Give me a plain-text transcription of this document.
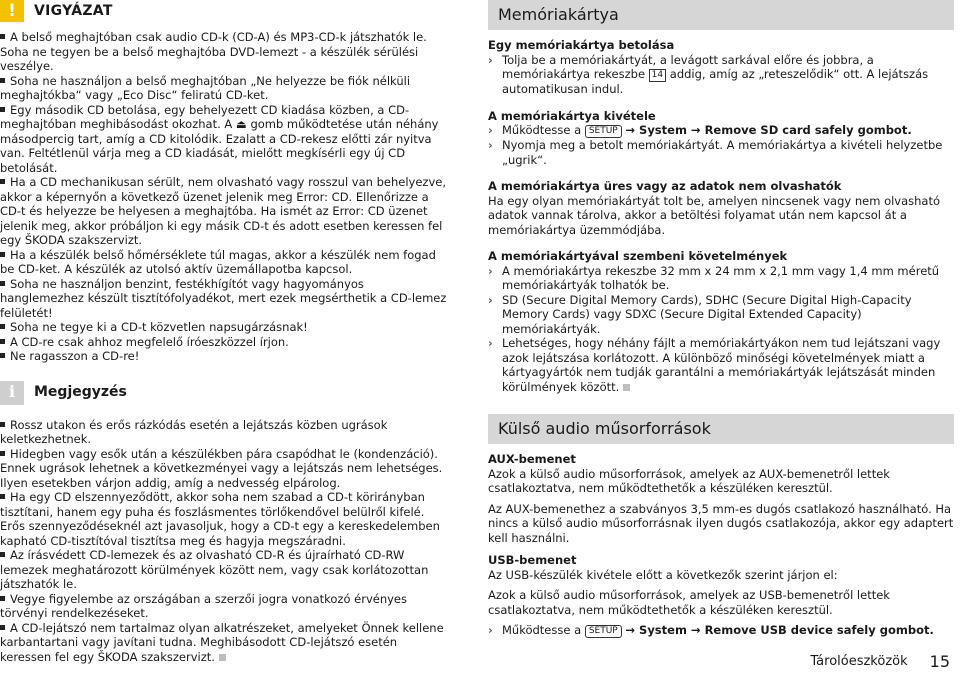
!	VIGYÁZAT

A belső meghajtóban csak audio CD-k (CD-A) és MP3-CD-k játszhatók le. Soha ne tegyen be a belső meghajtóba DVD-lemezt - a készülék sérülési veszélye.

Soha ne használjon a belső meghajtóban „Ne helyezze be fiók nélküli meghajtókba“ vagy „Eco Disc“ feliratú CD-ket.

Egy második CD betolása, egy behelyezett CD kiadása közben, a CD-meghajtóban meghibásodást okozhat. A ⏏ gomb működtetése után néhány másodpercig tart, amíg a CD kitolódik. Ezalatt a CD-rekesz előtti zár nyitva van. Feltétlenül várja meg a CD kiadását, mielőtt megkísérli egy új CD betolását.

Ha a CD mechanikusan sérült, nem olvasható vagy rosszul van behelyezve, akkor a képernyőn a következő üzenet jelenik meg Error: CD. Ellenőrizze a CD-t és helyezze be helyesen a meghajtóba. Ha ismét az Error: CD üzenet jelenik meg, akkor próbáljon ki egy másik CD-t és adott esetben keressen fel egy ŠKODA szakszervizt.

Ha a készülék belső hőmérséklete túl magas, akkor a készülék nem fogad be CD-ket. A készülék az utolsó aktív üzemállapotba kapcsol.

Soha ne használjon benzint, festékhígítót vagy hagyományos hanglemezhez készült tisztítófolyadékot, mert ezek megsérthetik a CD-lemez felületét!

Soha ne tegye ki a CD-t közvetlen napsugárzásnak!

A CD-re csak ahhoz megfelelő íróeszközzel írjon.

Ne ragasszon a CD-re!

i	Megjegyzés

Rossz utakon és erős rázkódás esetén a lejátszás közben ugrások keletkezhetnek.

Hidegben vagy esők után a készülékben pára csapódhat le (kondenzáció). Ennek ugrások lehetnek a következményei vagy a lejátszás nem lehetséges. Ilyen esetekben várjon addig, amíg a nedvesség elpárolog.

Ha egy CD elszennyeződött, akkor soha nem szabad a CD-t körirányban tisztítani, hanem egy puha és foszlásmentes törlőkendővel belülről kifelé. Erős szennyeződéseknél azt javasoljuk, hogy a CD-t egy a kereskedelemben kapható CD-tisztítóval tisztítsa meg és hagyja megszáradni.

Az írásvédett CD-lemezek és az olvasható CD-R és újraírható CD-RW lemezek meghatározott körülmények között nem, vagy csak korlátozottan játszhatók le.

Vegye figyelembe az országában a szerzői jogra vonatkozó érvényes törvényi rendelkezéseket.

A CD-lejátszó nem tartalmaz olyan alkatrészeket, amelyeket Önnek kellene karbantartani vagy javítani tudna. Meghibásodott CD-lejátszó esetén keressen fel egy ŠKODA szakszervizt.

Memóriakártya
Egy memóriakártya betolása
› Tolja be a memóriakártyát, a levágott sarkával előre és jobbra, a memóriakártya rekeszbe 14 addig, amíg az „reteszelődik“ ott. A lejátszás automatikusan indul.
A memóriakártya kivétele
› Működtesse a SETUP → System → Remove SD card safely gombot.
› Nyomja meg a betolt memóriakártyát. A memóriakártya a kivételi helyzetbe „ugrik“.
A memóriakártya üres vagy az adatok nem olvashatók
Ha egy olyan memóriakártyát tolt be, amelyen nincsenek vagy nem olvasható adatok vannak tárolva, akkor a betöltési folyamat után nem kapcsol át a memóriakártya üzemmódjába.
A memóriakártyával szembeni követelmények
› A memóriakártya rekeszbe 32 mm x 24 mm x 2,1 mm vagy 1,4 mm méretű memóriakártyák tolhatók be.
› SD (Secure Digital Memory Cards), SDHC (Secure Digital High-Capacity Memory Cards) vagy SDXC (Secure Digital Extended Capacity) memóriakártyák.
› Lehetséges, hogy néhány fájlt a memóriakártyákon nem tud lejátszani vagy azok lejátszása korlátozott. A különböző minőségi követelmények miatt a kártyagyártók nem tudják garantálni a memóriakártyák lejátszását minden körülmények között.
Külső audio műsorforrások
AUX-bemenet
Azok a külső audio műsorforrások, amelyek az AUX-bemenetről lettek csatlakoztatva, nem működtethetők a készüléken keresztül.
Az AUX-bemenethez a szabványos 3,5 mm-es dugós csatlakozó használható. Ha nincs a külső audio műsorforrásnak ilyen dugós csatlakozója, akkor egy adaptert kell használni.
USB-bemenet
Az USB-készülék kivétele előtt a következők szerint járjon el:
Azok a külső audio műsorforrások, amelyek az USB-bemenetről lettek csatlakoztatva, nem működtethetők a készüléken keresztül.
› Működtesse a SETUP → System → Remove USB device safely gombot.
Tárolóeszközök 15
